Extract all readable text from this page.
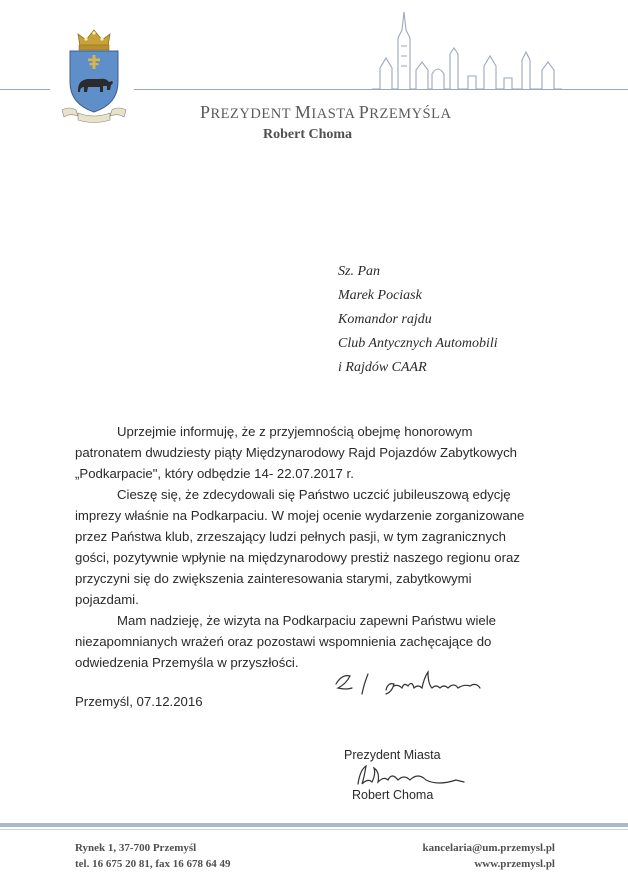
PREZYDENT MIASTA PRZEMYŚLA
Robert Choma
Sz. Pan
Marek Pociask
Komandor rajdu
Club Antycznych Automobili
i Rajdów CAAR

Uprzejmie informuję, że z przyjemnością obejmę honorowym
patronatem dwudziesty piąty Międzynarodowy Rajd Pojazdów Zabytkowych
„Podkarpacie", który odbędzie 14- 22.07.2017 r.

Cieszę się, że zdecydowali się Państwo uczcić jubileuszową edycję
imprezy właśnie na Podkarpaciu. W mojej ocenie wydarzenie zorganizowane
przez Państwa klub, zrzeszający ludzi pełnych pasji, w tym zagranicznych
gości, pozytywnie wpłynie na międzynarodowy prestiż naszego regionu oraz
przyczyni się do zwiększenia zainteresowania starymi, zabytkowymi
pojazdami.

Mam nadzieję, że wizyta na Podkarpaciu zapewni Państwu wiele
niezapomnianych wrażeń oraz pozostawi wspomnienia zachęcające do
odwiedzenia Przemyśla w przyszłości.

Przemyśl, 07.12.2016
Prezydent Miasta
Robert Choma
Rynek 1, 37-700 Przemyśl
tel. 16 675 20 81, fax 16 678 64 49
kancelaria@um.przemysl.pl
www.przemysl.pl
